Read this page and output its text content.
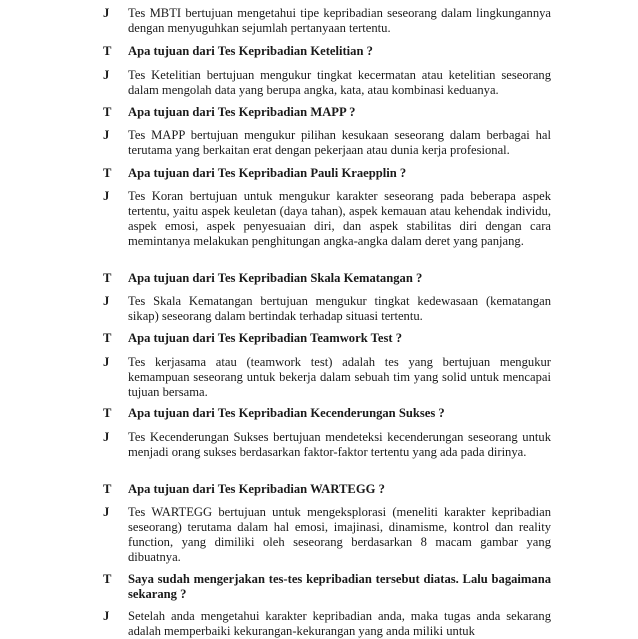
J	Tes MBTI bertujuan mengetahui tipe kepribadian seseorang dalam lingkungannya dengan menyuguhkan sejumlah pertanyaan tertentu.
T	Apa tujuan dari Tes Kepribadian Ketelitian ?
J	Tes Ketelitian bertujuan mengukur tingkat kecermatan atau ketelitian seseorang dalam mengolah data yang berupa angka, kata, atau kombinasi keduanya.
T	Apa tujuan dari Tes Kepribadian MAPP ?
J	Tes MAPP bertujuan mengukur pilihan kesukaan seseorang dalam berbagai hal terutama yang berkaitan erat dengan pekerjaan atau dunia kerja profesional.
T	Apa tujuan dari Tes Kepribadian Pauli Kraepplin ?
J	Tes Koran bertujuan untuk mengukur karakter seseorang pada beberapa aspek tertentu, yaitu aspek keuletan (daya tahan), aspek kemauan atau kehendak individu, aspek emosi, aspek penyesuaian diri, dan aspek stabilitas diri dengan cara memintanya melakukan penghitungan angka-angka dalam deret yang panjang.
T	Apa tujuan dari Tes Kepribadian Skala Kematangan ?
J	Tes Skala Kematangan bertujuan mengukur tingkat kedewasaan (kematangan sikap) seseorang dalam bertindak terhadap situasi tertentu.
T	Apa tujuan dari Tes Kepribadian Teamwork Test ?
J	Tes kerjasama atau (teamwork test) adalah tes yang bertujuan mengukur kemampuan seseorang untuk bekerja dalam sebuah tim yang solid untuk mencapai tujuan bersama.
T	Apa tujuan dari Tes Kepribadian Kecenderungan Sukses ?
J	Tes Kecenderungan Sukses bertujuan mendeteksi kecenderungan seseorang untuk menjadi orang sukses berdasarkan faktor-faktor tertentu yang ada pada dirinya.
T	Apa tujuan dari Tes Kepribadian WARTEGG ?
J	Tes WARTEGG bertujuan untuk mengeksplorasi (meneliti karakter kepribadian seseorang) terutama dalam hal emosi, imajinasi, dinamisme, kontrol dan reality function, yang dimiliki oleh seseorang berdasarkan 8 macam gambar yang dibuatnya.
T	Saya sudah mengerjakan tes-tes kepribadian tersebut diatas. Lalu bagaimana sekarang ?
J	Setelah anda mengetahui karakter kepribadian anda, maka tugas anda sekarang adalah memperbaiki kekurangan-kekurangan yang anda miliki untuk
